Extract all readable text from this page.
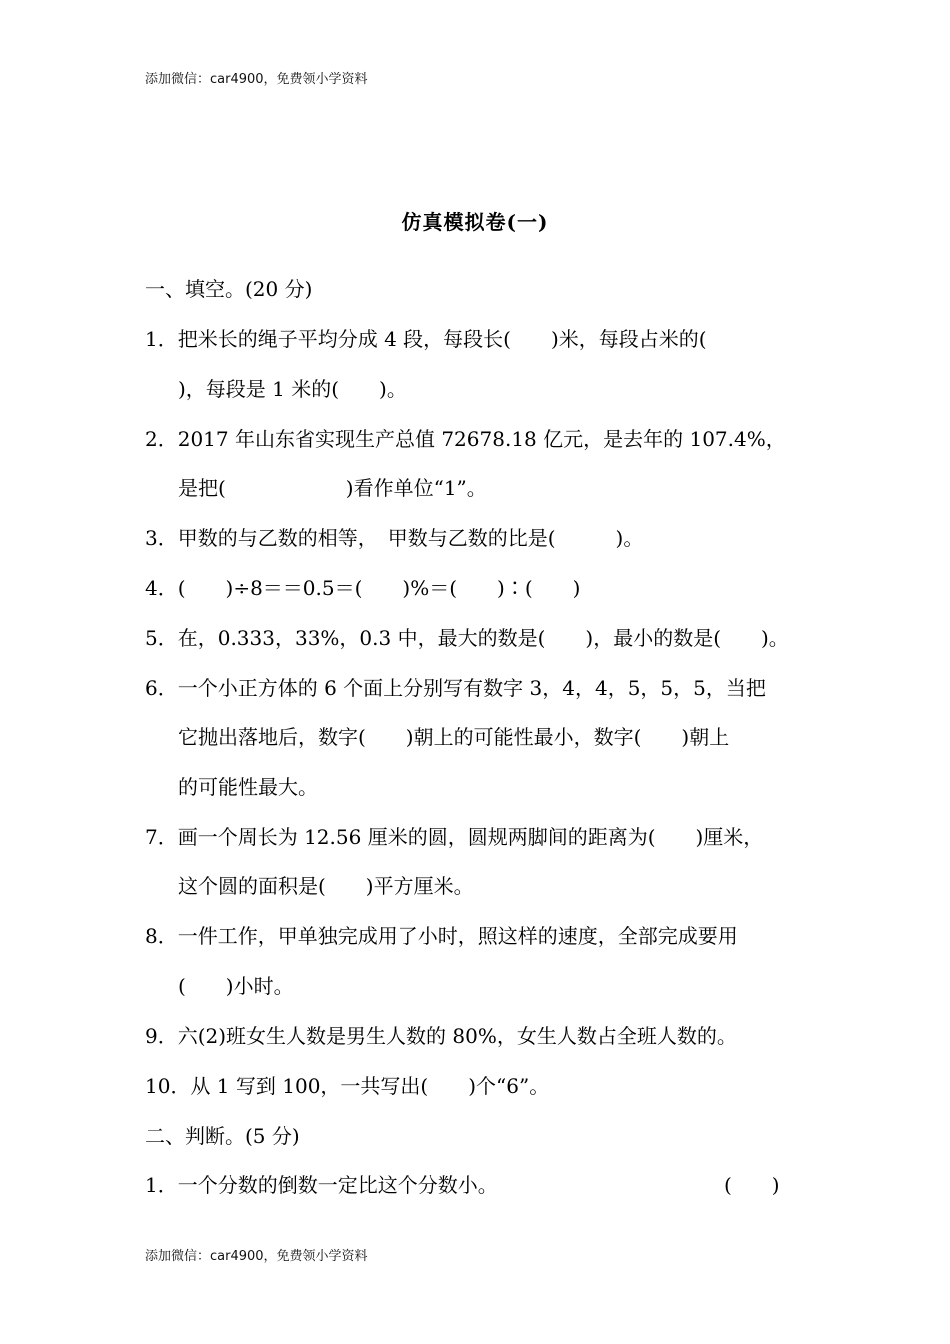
添加微信：car4900，免费领小学资料
仿真模拟卷(一)
一、填空。(20 分)
1．把米长的绳子平均分成 4 段，每段长(　　)米，每段占米的(
)，每段是 1 米的(　　)。
2．2017 年山东省实现生产总值 72678.18 亿元，是去年的 107.4%，
是把(　　　　　　)看作单位“1”。
3．甲数的与乙数的相等，　甲数与乙数的比是(　　　)。
4．(　　)÷8＝＝0.5＝(　　)%＝(　　)∶(　　)
5．在，0.333，33%，0.3 中，最大的数是(　　)，最小的数是(　　)。
6．一个小正方体的 6 个面上分别写有数字 3，4，4，5，5，5，当把
它抛出落地后，数字(　　)朝上的可能性最小，数字(　　)朝上
的可能性最大。
7．画一个周长为 12.56 厘米的圆，圆规两脚间的距离为(　　)厘米，
这个圆的面积是(　　)平方厘米。
8．一件工作，甲单独完成用了小时，照这样的速度，全部完成要用
(　　)小时。
9．六(2)班女生人数是男生人数的 80%，女生人数占全班人数的。
10．从 1 写到 100，一共写出(　　)个“6”。
二、判断。(5 分)
1．一个分数的倒数一定比这个分数小。	(　　)
添加微信：car4900，免费领小学资料
